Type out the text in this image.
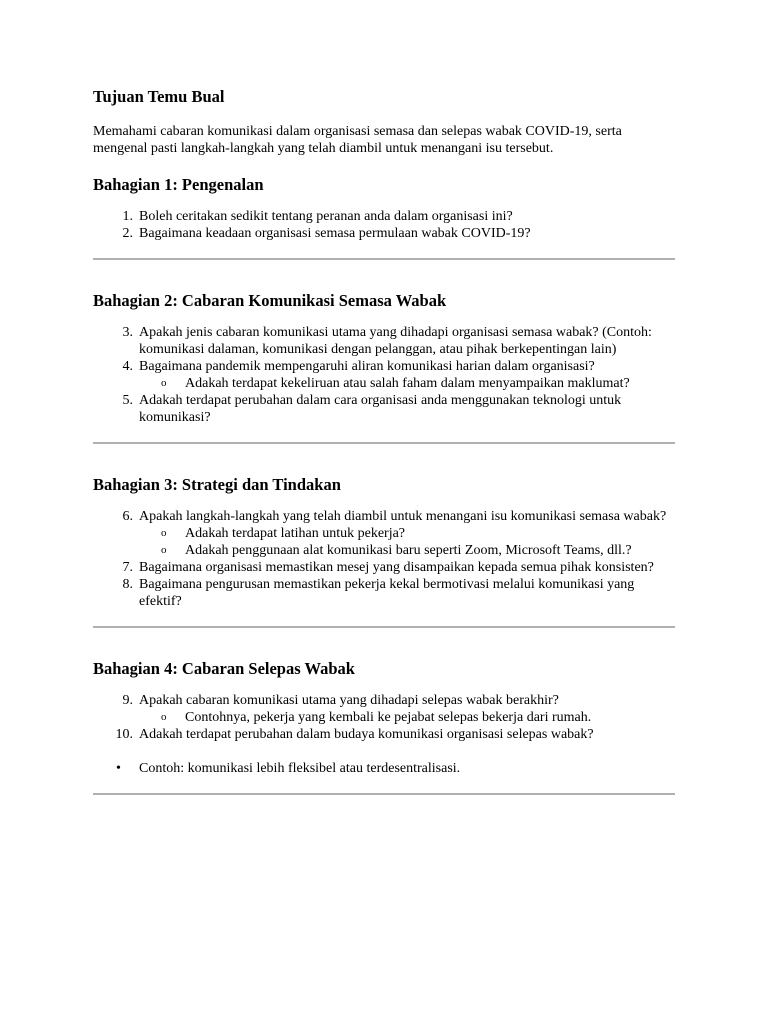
Tujuan Temu Bual

Memahami cabaran komunikasi dalam organisasi semasa dan selepas wabak COVID-19, serta mengenal pasti langkah-langkah yang telah diambil untuk menangani isu tersebut.

Bahagian 1: Pengenalan
1. Boleh ceritakan sedikit tentang peranan anda dalam organisasi ini?
2. Bagaimana keadaan organisasi semasa permulaan wabak COVID-19?
Bahagian 2: Cabaran Komunikasi Semasa Wabak
3. Apakah jenis cabaran komunikasi utama yang dihadapi organisasi semasa wabak? (Contoh: komunikasi dalaman, komunikasi dengan pelanggan, atau pihak berkepentingan lain)
4. Bagaimana pandemik mempengaruhi aliran komunikasi harian dalam organisasi?
o Adakah terdapat kekeliruan atau salah faham dalam menyampaikan maklumat?
5. Adakah terdapat perubahan dalam cara organisasi anda menggunakan teknologi untuk komunikasi?
Bahagian 3: Strategi dan Tindakan
6. Apakah langkah-langkah yang telah diambil untuk menangani isu komunikasi semasa wabak?
o Adakah terdapat latihan untuk pekerja?
o Adakah penggunaan alat komunikasi baru seperti Zoom, Microsoft Teams, dll.?
7. Bagaimana organisasi memastikan mesej yang disampaikan kepada semua pihak konsisten?
8. Bagaimana pengurusan memastikan pekerja kekal bermotivasi melalui komunikasi yang efektif?
Bahagian 4: Cabaran Selepas Wabak
9. Apakah cabaran komunikasi utama yang dihadapi selepas wabak berakhir?
o Contohnya, pekerja yang kembali ke pejabat selepas bekerja dari rumah.
10. Adakah terdapat perubahan dalam budaya komunikasi organisasi selepas wabak?
• Contoh: komunikasi lebih fleksibel atau terdesentralisasi.
